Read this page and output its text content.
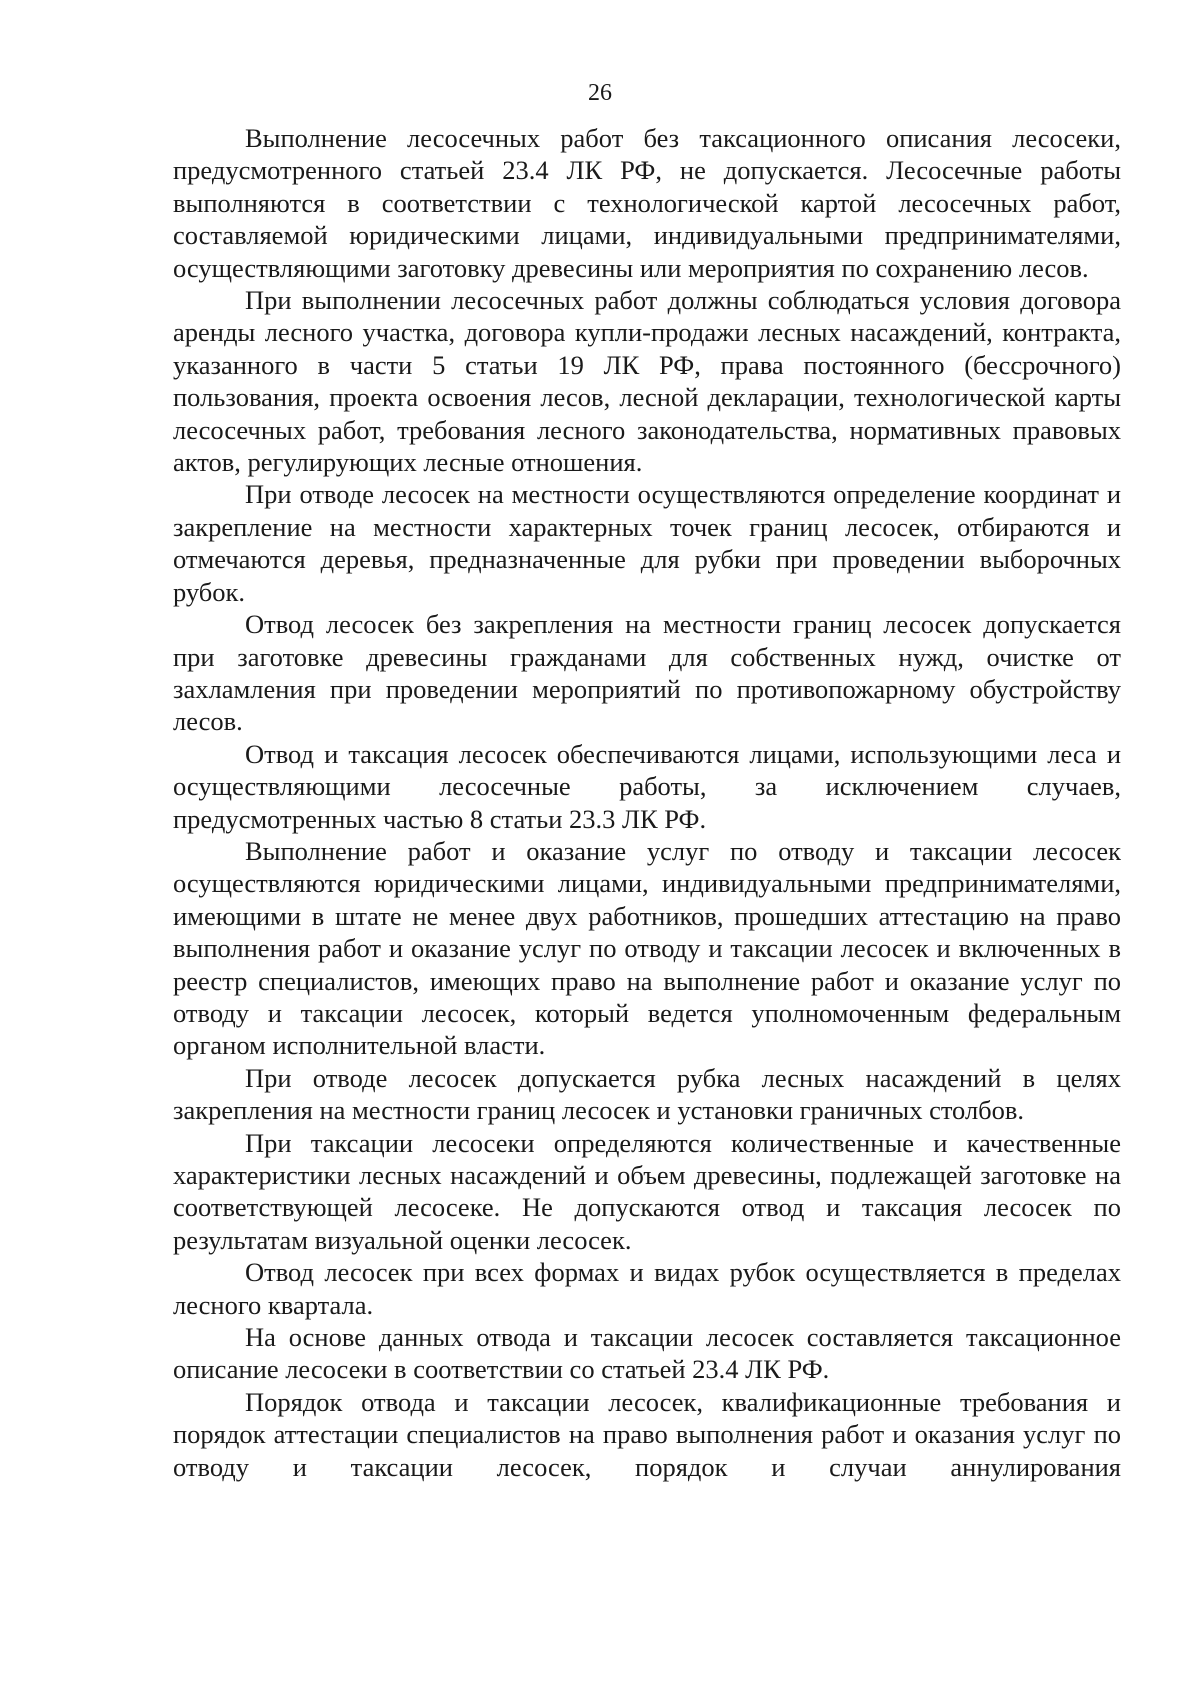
26

Выполнение лесосечных работ без таксационного описания лесосеки, предусмотренного статьей 23.4 ЛК РФ, не допускается. Лесосечные работы выполняются в соответствии с технологической картой лесосечных работ, составляемой юридическими лицами, индивидуальными предпринимателями, осуществляющими заготовку древесины или мероприятия по сохранению лесов.

При выполнении лесосечных работ должны соблюдаться условия договора аренды лесного участка, договора купли-продажи лесных насаждений, контракта, указанного в части 5 статьи 19 ЛК РФ, права постоянного (бессрочного) пользования, проекта освоения лесов, лесной декларации, технологической карты лесосечных работ, требования лесного законодательства, нормативных правовых актов, регулирующих лесные отношения.

При отводе лесосек на местности осуществляются определение координат и закрепление на местности характерных точек границ лесосек, отбираются и отмечаются деревья, предназначенные для рубки при проведении выборочных рубок.

Отвод лесосек без закрепления на местности границ лесосек допускается при заготовке древесины гражданами для собственных нужд, очистке от захламления при проведении мероприятий по противопожарному обустройству лесов.

Отвод и таксация лесосек обеспечиваются лицами, использующими леса и осуществляющими лесосечные работы, за исключением случаев, предусмотренных частью 8 статьи 23.3 ЛК РФ.

Выполнение работ и оказание услуг по отводу и таксации лесосек осуществляются юридическими лицами, индивидуальными предпринимателями, имеющими в штате не менее двух работников, прошедших аттестацию на право выполнения работ и оказание услуг по отводу и таксации лесосек и включенных в реестр специалистов, имеющих право на выполнение работ и оказание услуг по отводу и таксации лесосек, который ведется уполномоченным федеральным органом исполнительной власти.

При отводе лесосек допускается рубка лесных насаждений в целях закрепления на местности границ лесосек и установки граничных столбов.

При таксации лесосеки определяются количественные и качественные характеристики лесных насаждений и объем древесины, подлежащей заготовке на соответствующей лесосеке. Не допускаются отвод и таксация лесосек по результатам визуальной оценки лесосек.

Отвод лесосек при всех формах и видах рубок осуществляется в пределах лесного квартала.

На основе данных отвода и таксации лесосек составляется таксационное описание лесосеки в соответствии со статьей 23.4 ЛК РФ.

Порядок отвода и таксации лесосек, квалификационные требования и порядок аттестации специалистов на право выполнения работ и оказания услуг по отводу и таксации лесосек, порядок и случаи аннулирования
